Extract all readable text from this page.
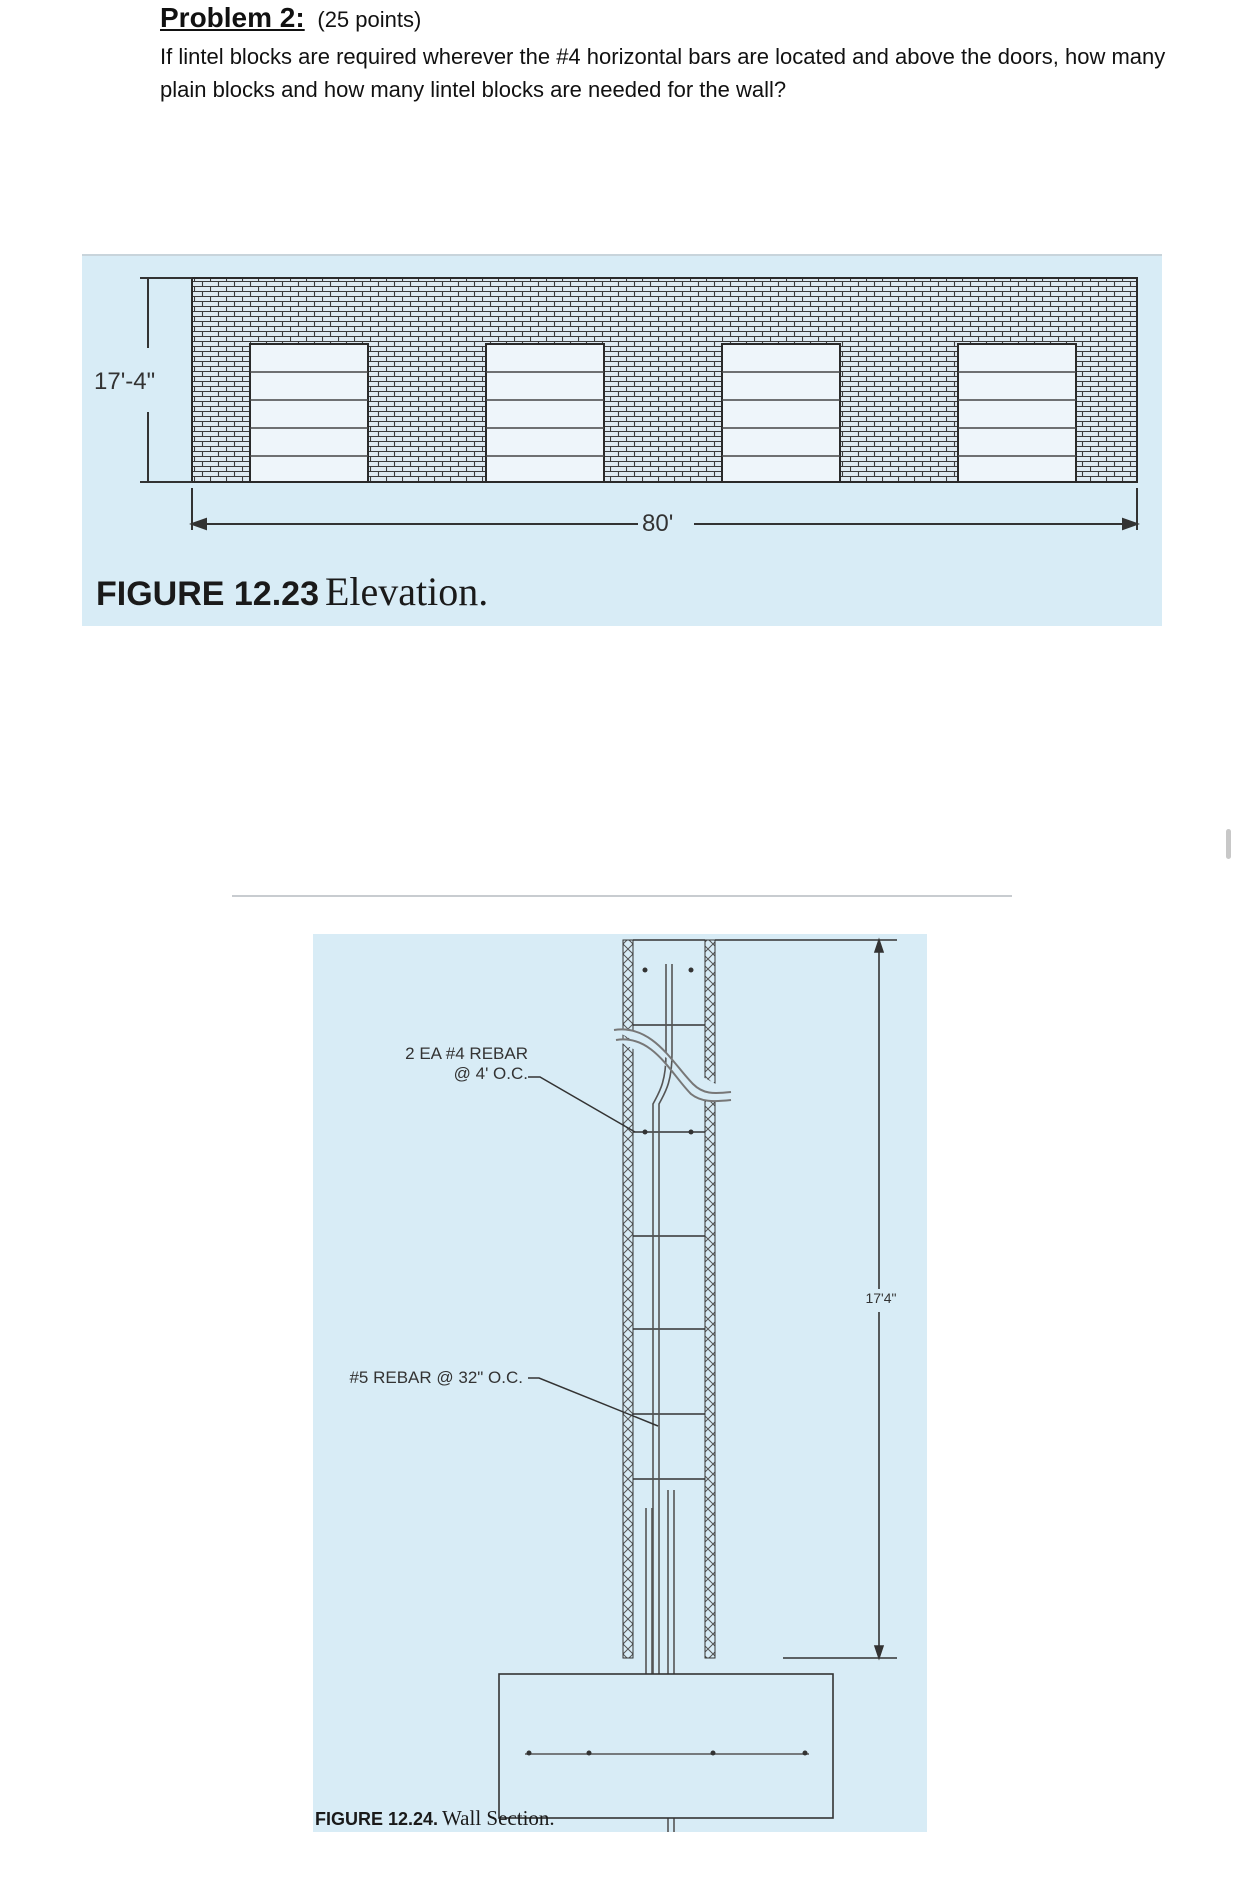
Problem 2: (25 points)
If lintel blocks are required wherever the #4 horizontal bars are located and above the doors, how many plain blocks and how many lintel blocks are needed for the wall?
17'-4"
80'
FIGURE 12.23 Elevation.
2 EA #4 REBAR
@ 4' O.C.
#5 REBAR @ 32" O.C.
17'4"
FIGURE 12.24. Wall Section.
